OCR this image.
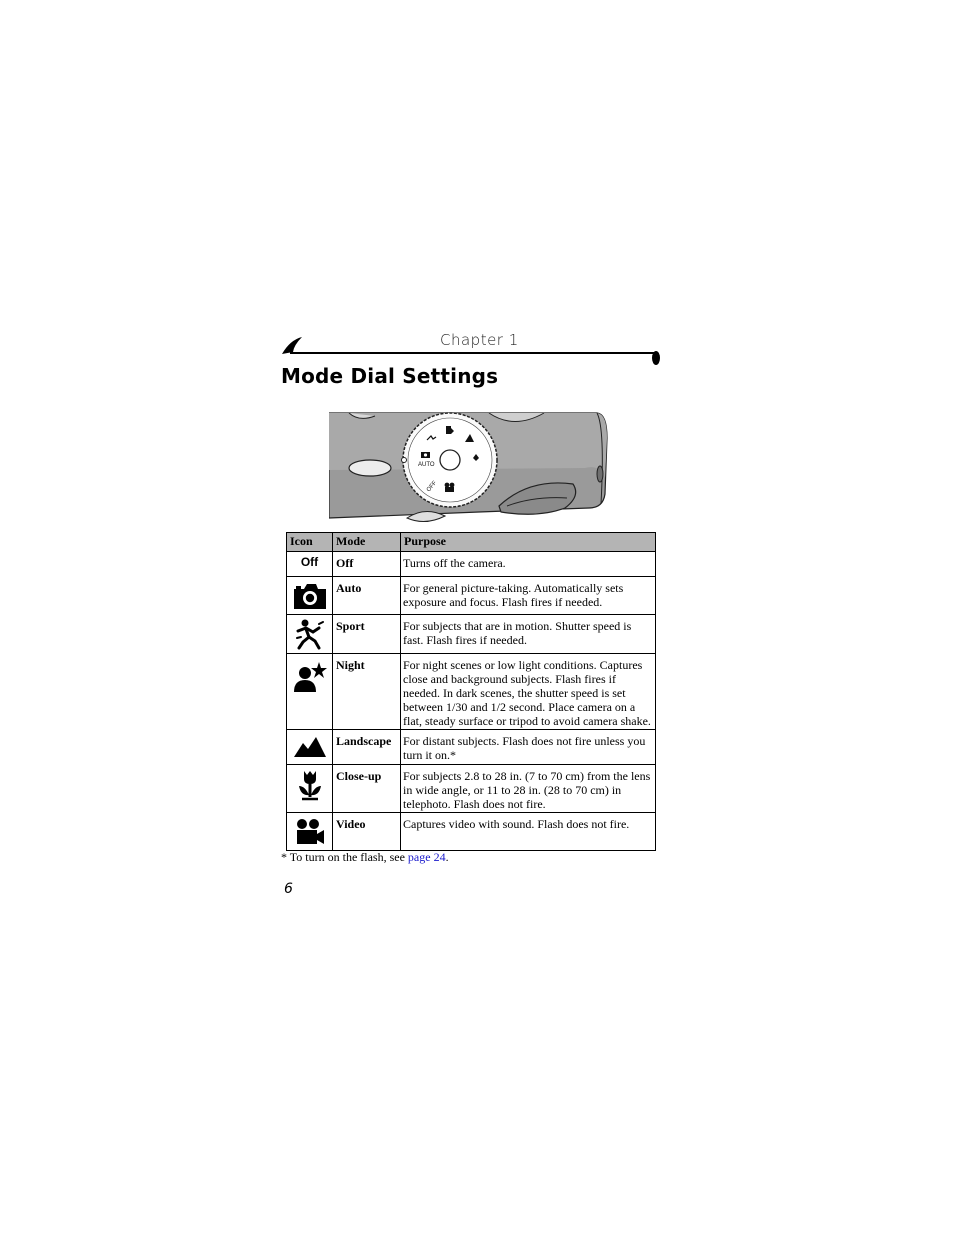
Chapter 1
Mode Dial Settings
AUTO
OFF
Icon	Mode	Purpose
Off	Off	Turns off the camera.
	Auto	For general picture-taking. Automatically sets exposure and focus. Flash fires if needed.
	Sport	For subjects that are in motion. Shutter speed is fast. Flash fires if needed.
	Night	For night scenes or low light conditions. Captures close and background subjects. Flash fires if needed. In dark scenes, the shutter speed is set between 1/30 and 1/2 second. Place camera on a flat, steady surface or tripod to avoid camera shake.
	Landscape	For distant subjects. Flash does not fire unless you turn it on.*
	Close-up	For subjects 2.8 to 28 in. (7 to 70 cm) from the lens in wide angle, or 11 to 28 in. (28 to 70 cm) in telephoto. Flash does not fire.
	Video	Captures video with sound. Flash does not fire.
* To turn on the flash, see page 24.
6
